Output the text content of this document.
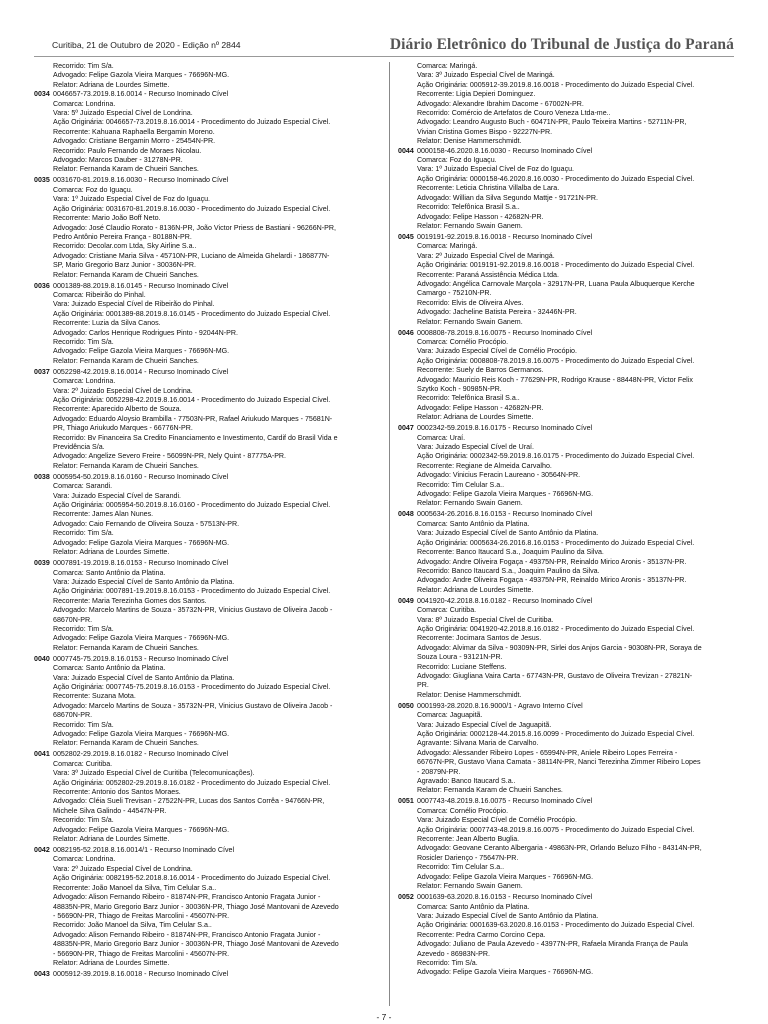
Curitiba, 21 de Outubro de 2020 - Edição nº 2844	Diário Eletrônico do Tribunal de Justiça do Paraná
Recorrido: Tim S/a.
Advogado: Felipe Gazola Vieira Marques - 76696N-MG.
Relator: Adriana de Lourdes Simette.
0034 0046657-73.2019.8.16.0014 - Recurso Inominado Cível
Comarca: Londrina.
Vara: 5º Juizado Especial Cível de Londrina.
Ação Originária: 0046657-73.2019.8.16.0014 - Procedimento do Juizado Especial Cível.
Recorrente: Kahuana Raphaella Bergamin Moreno.
Advogado: Cristiane Bergamin Morro - 25454N-PR.
Recorrido: Paulo Fernando de Moraes Nicolau.
Advogado: Marcos Dauber - 31278N-PR.
Relator: Fernanda Karam de Chueiri Sanches.
0035 0031670-81.2019.8.16.0030 - Recurso Inominado Cível
Comarca: Foz do Iguaçu.
Vara: 1º Juizado Especial Cível de Foz do Iguaçu.
Ação Originária: 0031670-81.2019.8.16.0030 - Procedimento do Juizado Especial Cível.
Recorrente: Mario João Boff Neto.
Advogado: José Claudio Rorato - 8136N-PR, João Victor Priess de Bastiani - 96266N-PR,
Pedro Antônio Pereira França - 80188N-PR.
Recorrido: Decolar.com Ltda, Sky Airline S.a..
Advogado: Cristiane Maria Silva - 45710N-PR, Luciano de Almeida Ghelardi - 186877N-
SP, Mario Gregorio Barz Junior - 30036N-PR.
Relator: Fernanda Karam de Chueiri Sanches.
0036 0001389-88.2019.8.16.0145 - Recurso Inominado Cível
Comarca: Ribeirão do Pinhal.
Vara: Juizado Especial Cível de Ribeirão do Pinhal.
Ação Originária: 0001389-88.2019.8.16.0145 - Procedimento do Juizado Especial Cível.
Recorrente: Luzia da Silva Canos.
Advogado: Carlos Henrique Rodrigues Pinto - 92044N-PR.
Recorrido: Tim S/a.
Advogado: Felipe Gazola Vieira Marques - 76696N-MG.
Relator: Fernanda Karam de Chueiri Sanches.
0037 0052298-42.2019.8.16.0014 - Recurso Inominado Cível
Comarca: Londrina.
Vara: 2º Juizado Especial Cível de Londrina.
Ação Originária: 0052298-42.2019.8.16.0014 - Procedimento do Juizado Especial Cível.
Recorrente: Aparecido Alberto de Souza.
Advogado: Eduardo Aloysio Brambilla - 77503N-PR, Rafael Ariukudo Marques - 75681N-
PR, Thiago Ariukudo Marques - 66776N-PR.
Recorrido: Bv Financeira Sa Credito Financiamento e Investimento, Cardif do Brasil Vida e
Previdência S/a.
Advogado: Angelize Severo Freire - 56099N-PR, Nely Quint - 87775A-PR.
Relator: Fernanda Karam de Chueiri Sanches.
0038 0005954-50.2019.8.16.0160 - Recurso Inominado Cível
Comarca: Sarandi.
Vara: Juizado Especial Cível de Sarandi.
Ação Originária: 0005954-50.2019.8.16.0160 - Procedimento do Juizado Especial Cível.
Recorrente: James Alan Nunes.
Advogado: Caio Fernando de Oliveira Souza - 57513N-PR.
Recorrido: Tim S/a.
Advogado: Felipe Gazola Vieira Marques - 76696N-MG.
Relator: Adriana de Lourdes Simette.
0039 0007891-19.2019.8.16.0153 - Recurso Inominado Cível
Comarca: Santo Antônio da Platina.
Vara: Juizado Especial Cível de Santo Antônio da Platina.
Ação Originária: 0007891-19.2019.8.16.0153 - Procedimento do Juizado Especial Cível.
Recorrente: Maria Terezinha Gomes dos Santos.
Advogado: Marcelo Martins de Souza - 35732N-PR, Vinicius Gustavo de Oliveira Jacob -
68670N-PR.
Recorrido: Tim S/a.
Advogado: Felipe Gazola Vieira Marques - 76696N-MG.
Relator: Fernanda Karam de Chueiri Sanches.
0040 0007745-75.2019.8.16.0153 - Recurso Inominado Cível
Comarca: Santo Antônio da Platina.
Vara: Juizado Especial Cível de Santo Antônio da Platina.
Ação Originária: 0007745-75.2019.8.16.0153 - Procedimento do Juizado Especial Cível.
Recorrente: Suzana Mota.
Advogado: Marcelo Martins de Souza - 35732N-PR, Vinicius Gustavo de Oliveira Jacob -
68670N-PR.
Recorrido: Tim S/a.
Advogado: Felipe Gazola Vieira Marques - 76696N-MG.
Relator: Fernanda Karam de Chueiri Sanches.
0041 0052802-29.2019.8.16.0182 - Recurso Inominado Cível
Comarca: Curitiba.
Vara: 3º Juizado Especial Cível de Curitiba (Telecomunicações).
Ação Originária: 0052802-29.2019.8.16.0182 - Procedimento do Juizado Especial Cível.
Recorrente: Antonio dos Santos Moraes.
Advogado: Cléia Sueli Trevisan - 27522N-PR, Lucas dos Santos Corrêa - 94766N-PR,
Michele Silva Galindo - 44547N-PR.
Recorrido: Tim S/a.
Advogado: Felipe Gazola Vieira Marques - 76696N-MG.
Relator: Adriana de Lourdes Simette.
0042 0082195-52.2018.8.16.0014/1 - Recurso Inominado Cível
Comarca: Londrina.
Vara: 2º Juizado Especial Cível de Londrina.
Ação Originária: 0082195-52.2018.8.16.0014 - Procedimento do Juizado Especial Cível.
Recorrente: João Manoel da Silva, Tim Celular S.a..
Advogado: Alison Fernando Ribeiro - 81874N-PR, Francisco Antonio Fragata Junior -
48835N-PR, Mario Gregorio Barz Junior - 30036N-PR, Thiago José Mantovani de Azevedo
- 56690N-PR, Thiago de Freitas Marcolini - 45607N-PR.
Recorrido: João Manoel da Silva, Tim Celular S.a..
Advogado: Alison Fernando Ribeiro - 81874N-PR, Francisco Antonio Fragata Junior -
48835N-PR, Mario Gregorio Barz Junior - 30036N-PR, Thiago José Mantovani de Azevedo
- 56690N-PR, Thiago de Freitas Marcolini - 45607N-PR.
Relator: Adriana de Lourdes Simette.
0043 0005912-39.2019.8.16.0018 - Recurso Inominado Cível
Comarca: Maringá.
Vara: 3º Juizado Especial Cível de Maringá.
Ação Originária: 0005912-39.2019.8.16.0018 - Procedimento do Juizado Especial Cível.
Recorrente: Ligia Depieri Dominguez.
Advogado: Alexandre Ibrahim Dacome - 67002N-PR.
Recorrido: Comércio de Artefatos de Couro Veneza Ltda-me..
Advogado: Leandro Augusto Buch - 60471N-PR, Paulo Teixeira Martins - 52711N-PR,
Vivian Cristina Gomes Bispo - 92227N-PR.
Relator: Denise Hammerschmidt.
0044 0000158-46.2020.8.16.0030 - Recurso Inominado Cível
Comarca: Foz do Iguaçu.
Vara: 1º Juizado Especial Cível de Foz do Iguaçu.
Ação Originária: 0000158-46.2020.8.16.0030 - Procedimento do Juizado Especial Cível.
Recorrente: Leticia Christina Villalba de Lara.
Advogado: Willian da Silva Segundo Mattje - 91721N-PR.
Recorrido: Telefônica Brasil S.a..
Advogado: Felipe Hasson - 42682N-PR.
Relator: Fernando Swain Ganem.
0045 0019191-92.2019.8.16.0018 - Recurso Inominado Cível
Comarca: Maringá.
Vara: 2º Juizado Especial Cível de Maringá.
Ação Originária: 0019191-92.2019.8.16.0018 - Procedimento do Juizado Especial Cível.
Recorrente: Paraná Assistência Médica Ltda.
Advogado: Angélica Carnovale Marçola - 32917N-PR, Luana Paula Albuquerque Kerche
Camargo - 75210N-PR.
Recorrido: Elvis de Oliveira Alves.
Advogado: Jacheline Batista Pereira - 32446N-PR.
Relator: Fernando Swain Ganem.
0046 0008808-78.2019.8.16.0075 - Recurso Inominado Cível
Comarca: Cornélio Procópio.
Vara: Juizado Especial Cível de Cornélio Procópio.
Ação Originária: 0008808-78.2019.8.16.0075 - Procedimento do Juizado Especial Cível.
Recorrente: Suely de Barros Germanos.
Advogado: Mauricio Reis Koch - 77629N-PR, Rodrigo Krause - 88448N-PR, Victor Felix
Szytko Koch - 90985N-PR.
Recorrido: Telefônica Brasil S.a..
Advogado: Felipe Hasson - 42682N-PR.
Relator: Adriana de Lourdes Simette.
0047 0002342-59.2019.8.16.0175 - Recurso Inominado Cível
Comarca: Uraí.
Vara: Juizado Especial Cível de Uraí.
Ação Originária: 0002342-59.2019.8.16.0175 - Procedimento do Juizado Especial Cível.
Recorrente: Regiane de Almeida Carvalho.
Advogado: Vinicius Feracin Laureano - 30564N-PR.
Recorrido: Tim Celular S.a..
Advogado: Felipe Gazola Vieira Marques - 76696N-MG.
Relator: Fernando Swain Ganem.
0048 0005634-26.2016.8.16.0153 - Recurso Inominado Cível
Comarca: Santo Antônio da Platina.
Vara: Juizado Especial Cível de Santo Antônio da Platina.
Ação Originária: 0005634-26.2016.8.16.0153 - Procedimento do Juizado Especial Cível.
Recorrente: Banco Itaucard S.a., Joaquim Paulino da Silva.
Advogado: Andre Oliveira Fogaça - 49375N-PR, Reinaldo Mirico Aronis - 35137N-PR.
Recorrido: Banco Itaucard S.a., Joaquim Paulino da Silva.
Advogado: Andre Oliveira Fogaça - 49375N-PR, Reinaldo Mirico Aronis - 35137N-PR.
Relator: Adriana de Lourdes Simette.
0049 0041920-42.2018.8.16.0182 - Recurso Inominado Cível
Comarca: Curitiba.
Vara: 8º Juizado Especial Cível de Curitiba.
Ação Originária: 0041920-42.2018.8.16.0182 - Procedimento do Juizado Especial Cível.
Recorrente: Jocimara Santos de Jesus.
Advogado: Alvimar da Silva - 90309N-PR, Sirlei dos Anjos Garcia - 90308N-PR, Soraya de
Souza Loura - 93121N-PR.
Recorrido: Luciane Steffens.
Advogado: Giugliana Vaira Carta - 67743N-PR, Gustavo de Oliveira Trevizan - 27821N-
PR.
Relator: Denise Hammerschmidt.
0050 0001993-28.2020.8.16.9000/1 - Agravo Interno Cível
Comarca: Jaguapitã.
Vara: Juizado Especial Cível de Jaguapitã.
Ação Originária: 0002128-44.2015.8.16.0099 - Procedimento do Juizado Especial Cível.
Agravante: Silvana Maria de Carvalho.
Advogado: Alessander Ribeiro Lopes - 65994N-PR, Aniele Ribeiro Lopes Ferreira -
66767N-PR, Gustavo Viana Camata - 38114N-PR, Nanci Terezinha Zimmer Ribeiro Lopes
- 20879N-PR.
Agravado: Banco Itaucard S.a..
Relator: Fernanda Karam de Chueiri Sanches.
0051 0007743-48.2019.8.16.0075 - Recurso Inominado Cível
Comarca: Cornélio Procópio.
Vara: Juizado Especial Cível de Cornélio Procópio.
Ação Originária: 0007743-48.2019.8.16.0075 - Procedimento do Juizado Especial Cível.
Recorrente: Jean Alberto Buglia.
Advogado: Geovane Ceranto Albergaria - 49863N-PR, Orlando Beluzo Filho - 84314N-PR,
Rosicler Darienço - 75647N-PR.
Recorrido: Tim Celular S.a..
Advogado: Felipe Gazola Vieira Marques - 76696N-MG.
Relator: Fernando Swain Ganem.
0052 0001639-63.2020.8.16.0153 - Recurso Inominado Cível
Comarca: Santo Antônio da Platina.
Vara: Juizado Especial Cível de Santo Antônio da Platina.
Ação Originária: 0001639-63.2020.8.16.0153 - Procedimento do Juizado Especial Cível.
Recorrente: Pedra Carmo Corcino Cepa.
Advogado: Juliano de Paula Azevedo - 43977N-PR, Rafaela Miranda França de Paula
Azevedo - 86983N-PR.
Recorrido: Tim S/a.
Advogado: Felipe Gazola Vieira Marques - 76696N-MG.
- 7 -
